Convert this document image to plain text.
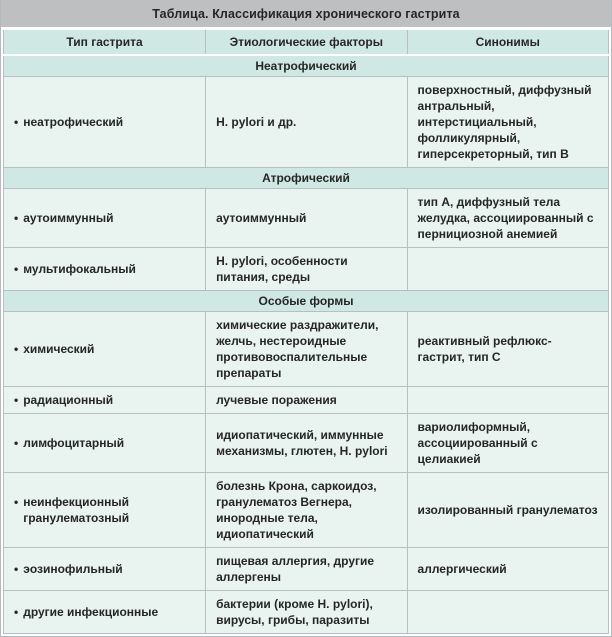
Таблица. Классификация хронического гастрита
Тип гастрита	Этиологические факторы	Синонимы
Неатрофический		

• неатрофический	H. pylori и др.	поверхностный, диффузный антральный, интерстициальный, фолликулярный, гиперсекреторный, тип В
Атрофический		

• аутоиммунный	аутоиммунный	тип А, диффузный тела желудка, ассоциированный с пернициозной анемией

• мультифокальный	H. pylori, особенности питания, среды	
Особые формы		

• химический	химические раздражители, желчь, нестероидные противовоспалительные препараты	реактивный рефлюкс-гастрит, тип С

• радиационный	лучевые поражения	

• лимфоцитарный	идиопатический, иммунные механизмы, глютен, H. pylori	вариолиформный, ассоциированный с целиакией

• неинфекционный гранулематозный	болезнь Крона, саркоидоз, гранулематоз Вегнера, инородные тела, идиопатический	изолированный гранулематоз

• эозинофильный	пищевая аллергия, другие аллергены	аллергический

• другие инфекционные	бактерии (кроме H. pylori), вирусы, грибы, паразиты	
